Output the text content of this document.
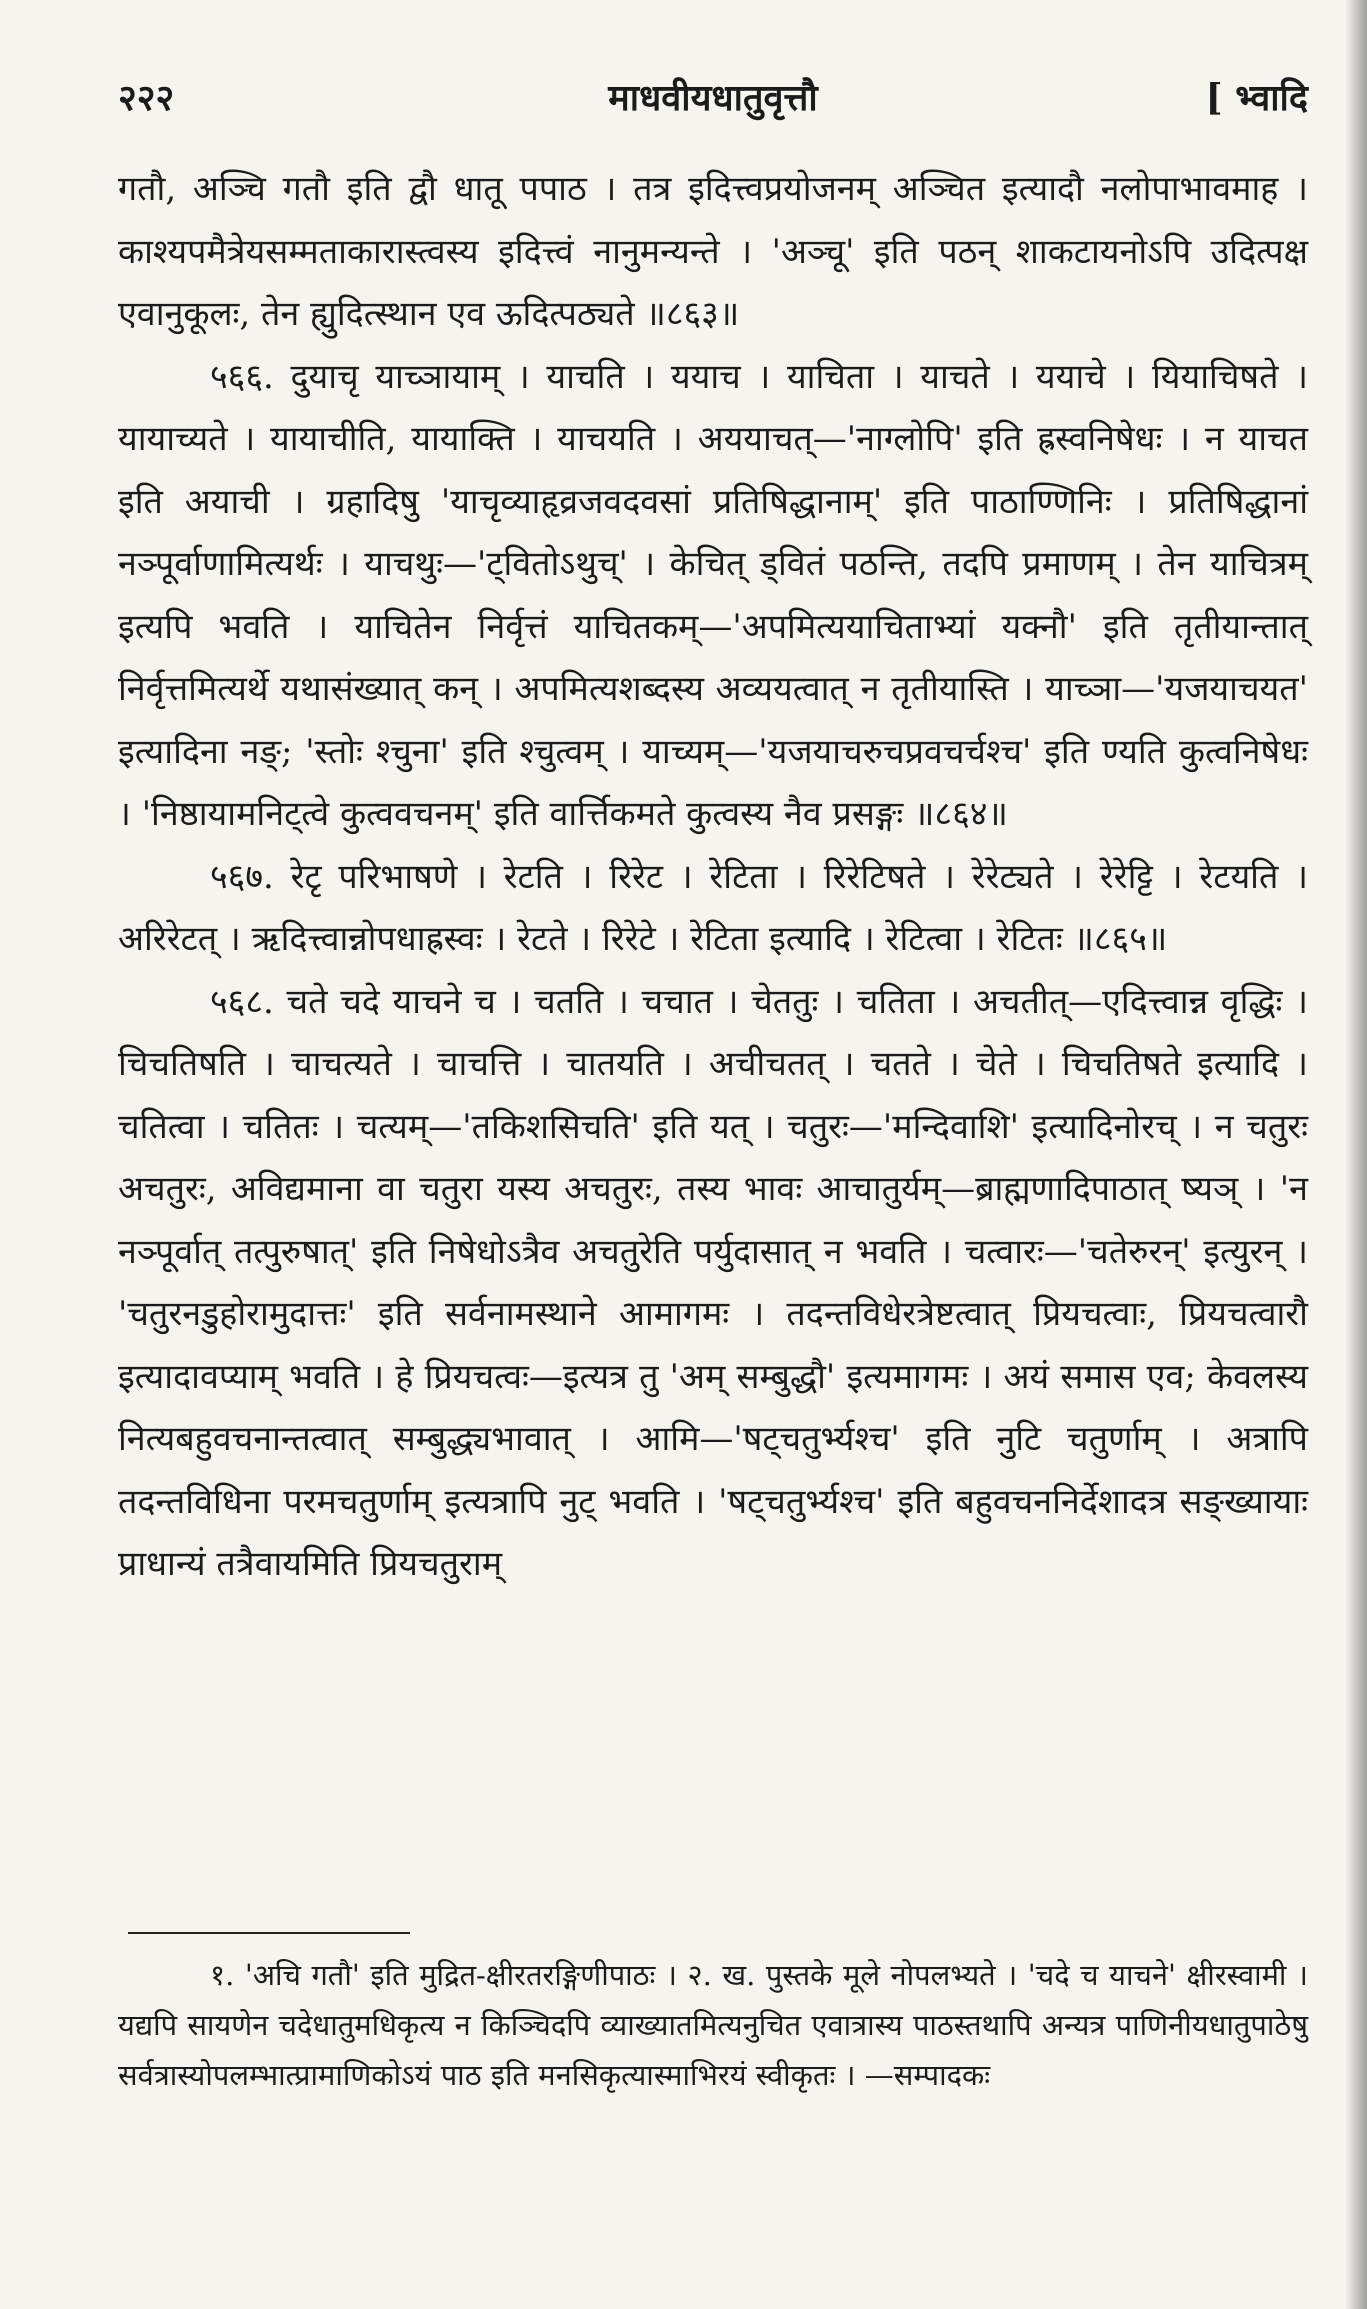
२२२	माधवीयधातुवृत्तौ	[ भ्वादि

गतौ, अञ्चि गतौ इति द्वौ धातू पपाठ । तत्र इदित्त्वप्रयोजनम् अञ्चित इत्यादौ नलोपाभावमाह । काश्यपमैत्रेयसम्मताकारास्त्वस्य इदित्त्वं नानुमन्यन्ते । 'अञ्चू' इति पठन् शाकटायनोऽपि उदित्पक्ष एवानुकूलः, तेन ह्युदित्स्थान एव ऊदित्पठ्यते ॥८६३॥

५६६. दुयाचृ याच्ञायाम् । याचति । ययाच । याचिता । याचते । ययाचे । यियाचिषते । यायाच्यते । यायाचीति, यायाक्ति । याचयति । अययाचत्—'नाग्लोपि' इति ह्रस्वनिषेधः । न याचत इति अयाची । ग्रहादिषु 'याचृव्याहृव्रजवदवसां प्रतिषिद्धानाम्' इति पाठाण्णिनिः । प्रतिषिद्धानां नञ्पूर्वाणामित्यर्थः । याचथुः—'ट्वितोऽथुच्' । केचित् ड्वितं पठन्ति, तदपि प्रमाणम् । तेन याचित्रम् इत्यपि भवति । याचितेन निर्वृत्तं याचितकम्—'अपमित्ययाचिताभ्यां यक्नौ' इति तृतीयान्तात् निर्वृत्तमित्यर्थे यथासंख्यात् कन् । अपमित्यशब्दस्य अव्ययत्वात् न तृतीयास्ति । याच्ञा—'यजयाचयत' इत्यादिना नङ्; 'स्तोः श्चुना' इति श्चुत्वम् । याच्यम्—'यजयाचरुचप्रवचर्चश्च' इति ण्यति कुत्वनिषेधः । 'निष्ठायामनिट्त्वे कुत्ववचनम्' इति वार्त्तिकमते कुत्वस्य नैव प्रसङ्गः ॥८६४॥

५६७. रेटृ परिभाषणे । रेटति । रिरेट । रेटिता । रिरेटिषते । रेरेट्यते । रेरेट्टि । रेटयति । अरिरेटत् । ऋदित्त्वान्नोपधाह्रस्वः । रेटते । रिरेटे । रेटिता इत्यादि । रेटित्वा । रेटितः ॥८६५॥

५६८. चते चदे याचने च । चतति । चचात । चेततुः । चतिता । अचतीत्—एदित्त्वान्न वृद्धिः । चिचतिषति । चाचत्यते । चाचत्ति । चातयति । अचीचतत् । चतते । चेते । चिचतिषते इत्यादि । चतित्वा । चतितः । चत्यम्—'तकिशसिचति' इति यत् । चतुरः—'मन्दिवाशि' इत्यादिनोरच् । न चतुरः अचतुरः, अविद्यमाना वा चतुरा यस्य अचतुरः, तस्य भावः आचातुर्यम्—ब्राह्मणादिपाठात् ष्यञ् । 'न नञ्पूर्वात् तत्पुरुषात्' इति निषेधोऽत्रैव अचतुरेति पर्युदासात् न भवति । चत्वारः—'चतेरुरन्' इत्युरन् । 'चतुरनडुहोरामुदात्तः' इति सर्वनामस्थाने आमागमः । तदन्तविधेरत्रेष्टत्वात् प्रियचत्वाः, प्रियचत्वारौ इत्यादावप्याम् भवति । हे प्रियचत्वः—इत्यत्र तु 'अम् सम्बुद्धौ' इत्यमागमः । अयं समास एव; केवलस्य नित्यबहुवचनान्तत्वात् सम्बुद्ध्यभावात् । आमि—'षट्चतुर्भ्यश्च' इति नुटि चतुर्णाम् । अत्रापि तदन्तविधिना परमचतुर्णाम् इत्यत्रापि नुट् भवति । 'षट्चतुर्भ्यश्च' इति बहुवचननिर्देशादत्र सङ्ख्यायाः प्राधान्यं तत्रैवायमिति प्रियचतुराम्

१. 'अचि गतौ' इति मुद्रित-क्षीरतरङ्गिणीपाठः । २. ख. पुस्तके मूले नोपलभ्यते । 'चदे च याचने' क्षीरस्वामी । यद्यपि सायणेन चदेधातुमधिकृत्य न किञ्चिदपि व्याख्यातमित्यनुचित एवात्रास्य पाठस्तथापि अन्यत्र पाणिनीयधातुपाठेषु सर्वत्रास्योपलम्भात्प्रामाणिकोऽयं पाठ इति मनसिकृत्यास्माभिरयं स्वीकृतः । —सम्पादकः
